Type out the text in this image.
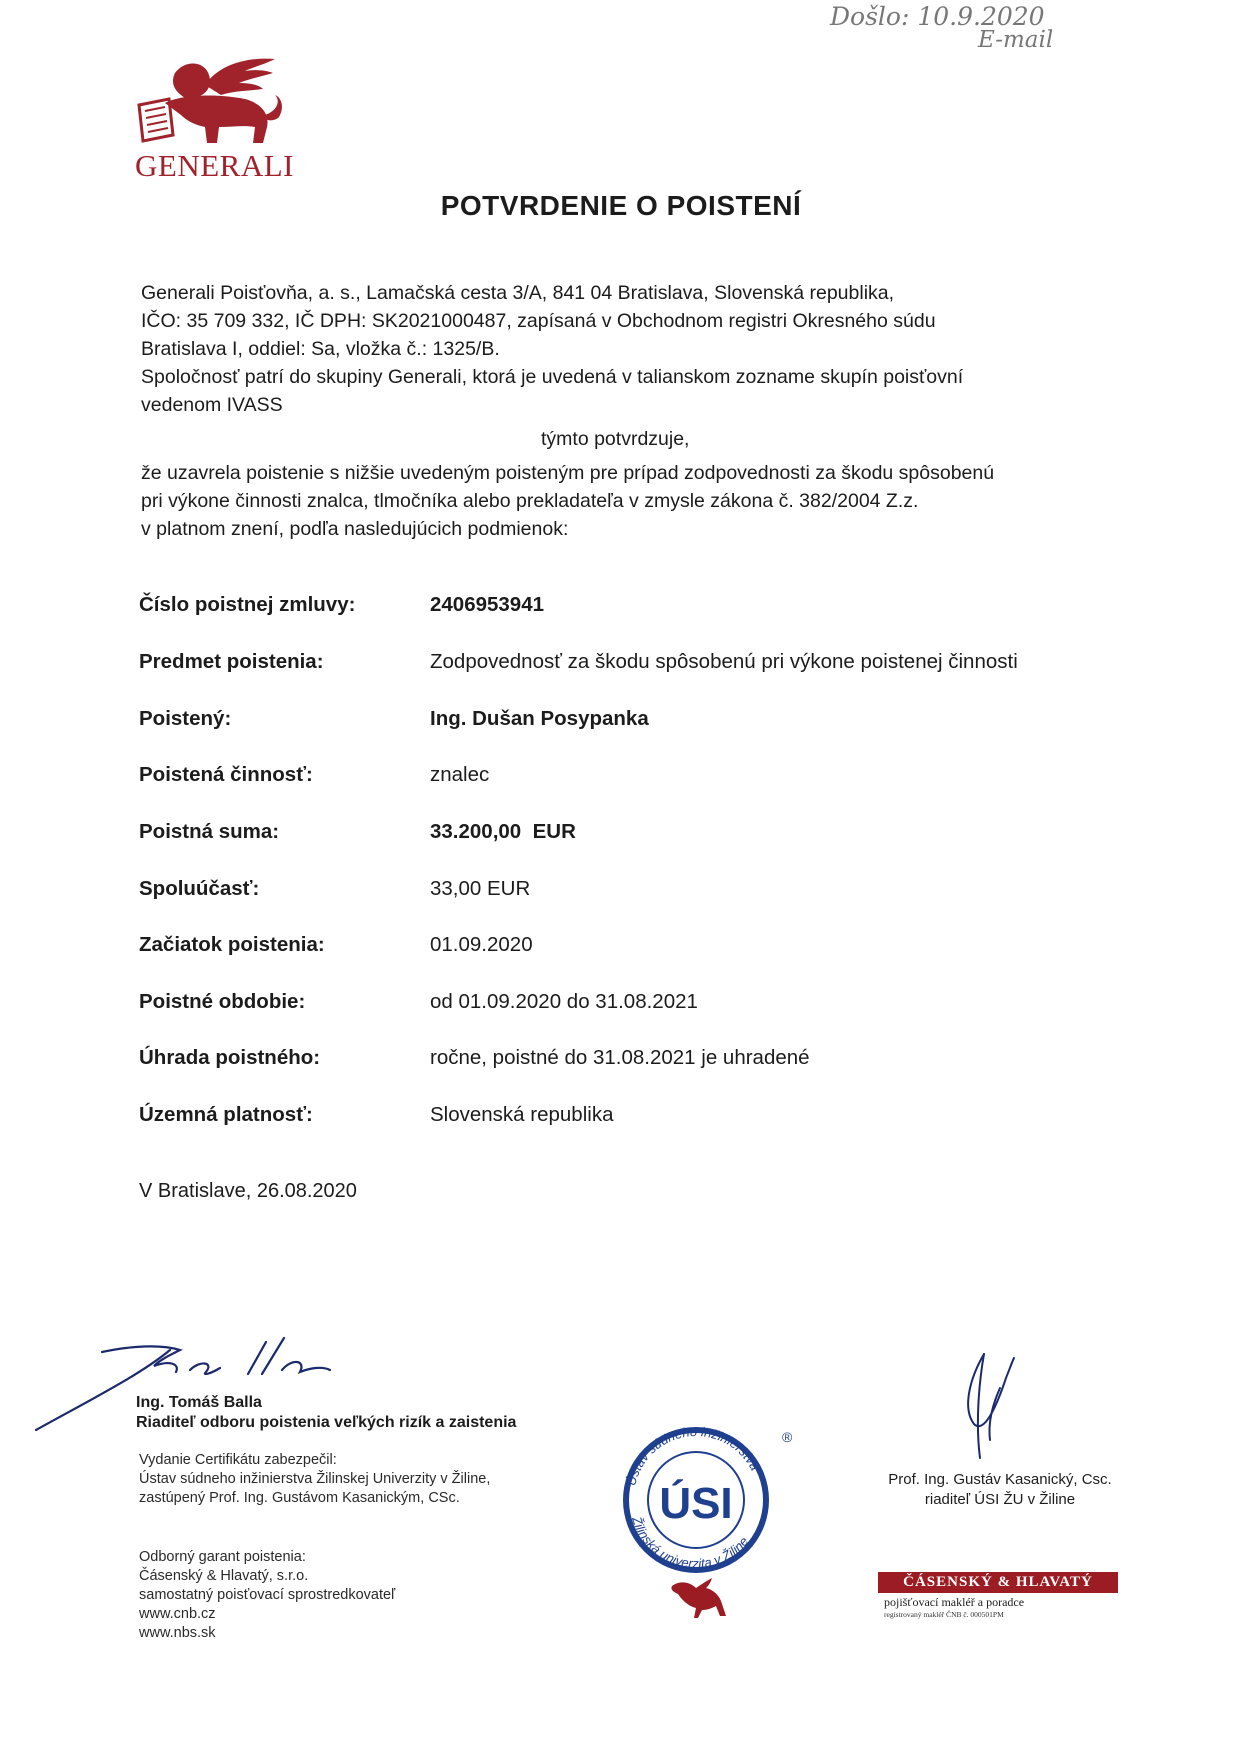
Došlo: 10.9.2020
E-mail
GENERALI
POTVRDENIE O POISTENÍ
Generali Poisťovňa, a. s., Lamačská cesta 3/A, 841 04 Bratislava, Slovenská republika,
IČO: 35 709 332, IČ DPH: SK2021000487, zapísaná v Obchodnom registri Okresného súdu
Bratislava I, oddiel: Sa, vložka č.: 1325/B.
Spoločnosť patrí do skupiny Generali, ktorá je uvedená v talianskom zozname skupín poisťovní
vedenom IVASS
týmto potvrdzuje,
že uzavrela poistenie s nižšie uvedeným poisteným pre prípad zodpovednosti za škodu spôsobenú
pri výkone činnosti znalca, tlmočníka alebo prekladateľa v zmysle zákona č. 382/2004 Z.z.
v platnom znení, podľa nasledujúcich podmienok:
Číslo poistnej zmluvy:	2406953941
Predmet poistenia:	Zodpovednosť za škodu spôsobenú pri výkone poistenej činnosti
Poistený:	Ing. Dušan Posypanka
Poistená činnosť:	znalec
Poistná suma:	33.200,00  EUR
Spoluúčasť:	33,00 EUR
Začiatok poistenia:	01.09.2020
Poistné obdobie:	od 01.09.2020 do 31.08.2021
Úhrada poistného:	ročne, poistné do 31.08.2021 je uhradené
Územná platnosť:	Slovenská republika
V Bratislave, 26.08.2020
Ing. Tomáš Balla
Riaditeľ odboru poistenia veľkých rizík a zaistenia
Vydanie Certifikátu zabezpečil:
Ústav súdneho inžinierstva Žilinskej Univerzity v Žiline,
zastúpený Prof. Ing. Gustávom Kasanickým, CSc.
Ústav súdneho inžinierstva
Žilinská univerzita v Žiline
ÚSI
®
Prof. Ing. Gustáv Kasanický, Csc.
riaditeľ ÚSI ŽU v Žiline
Odborný garant poistenia:
Čásenský & Hlavatý, s.r.o.
samostatný poisťovací sprostredkovateľ
www.cnb.cz
www.nbs.sk
ČÁSENSKÝ & HLAVATÝ
pojišťovací makléř a poradce
registrovaný makléř ČNB č. 000501PM
